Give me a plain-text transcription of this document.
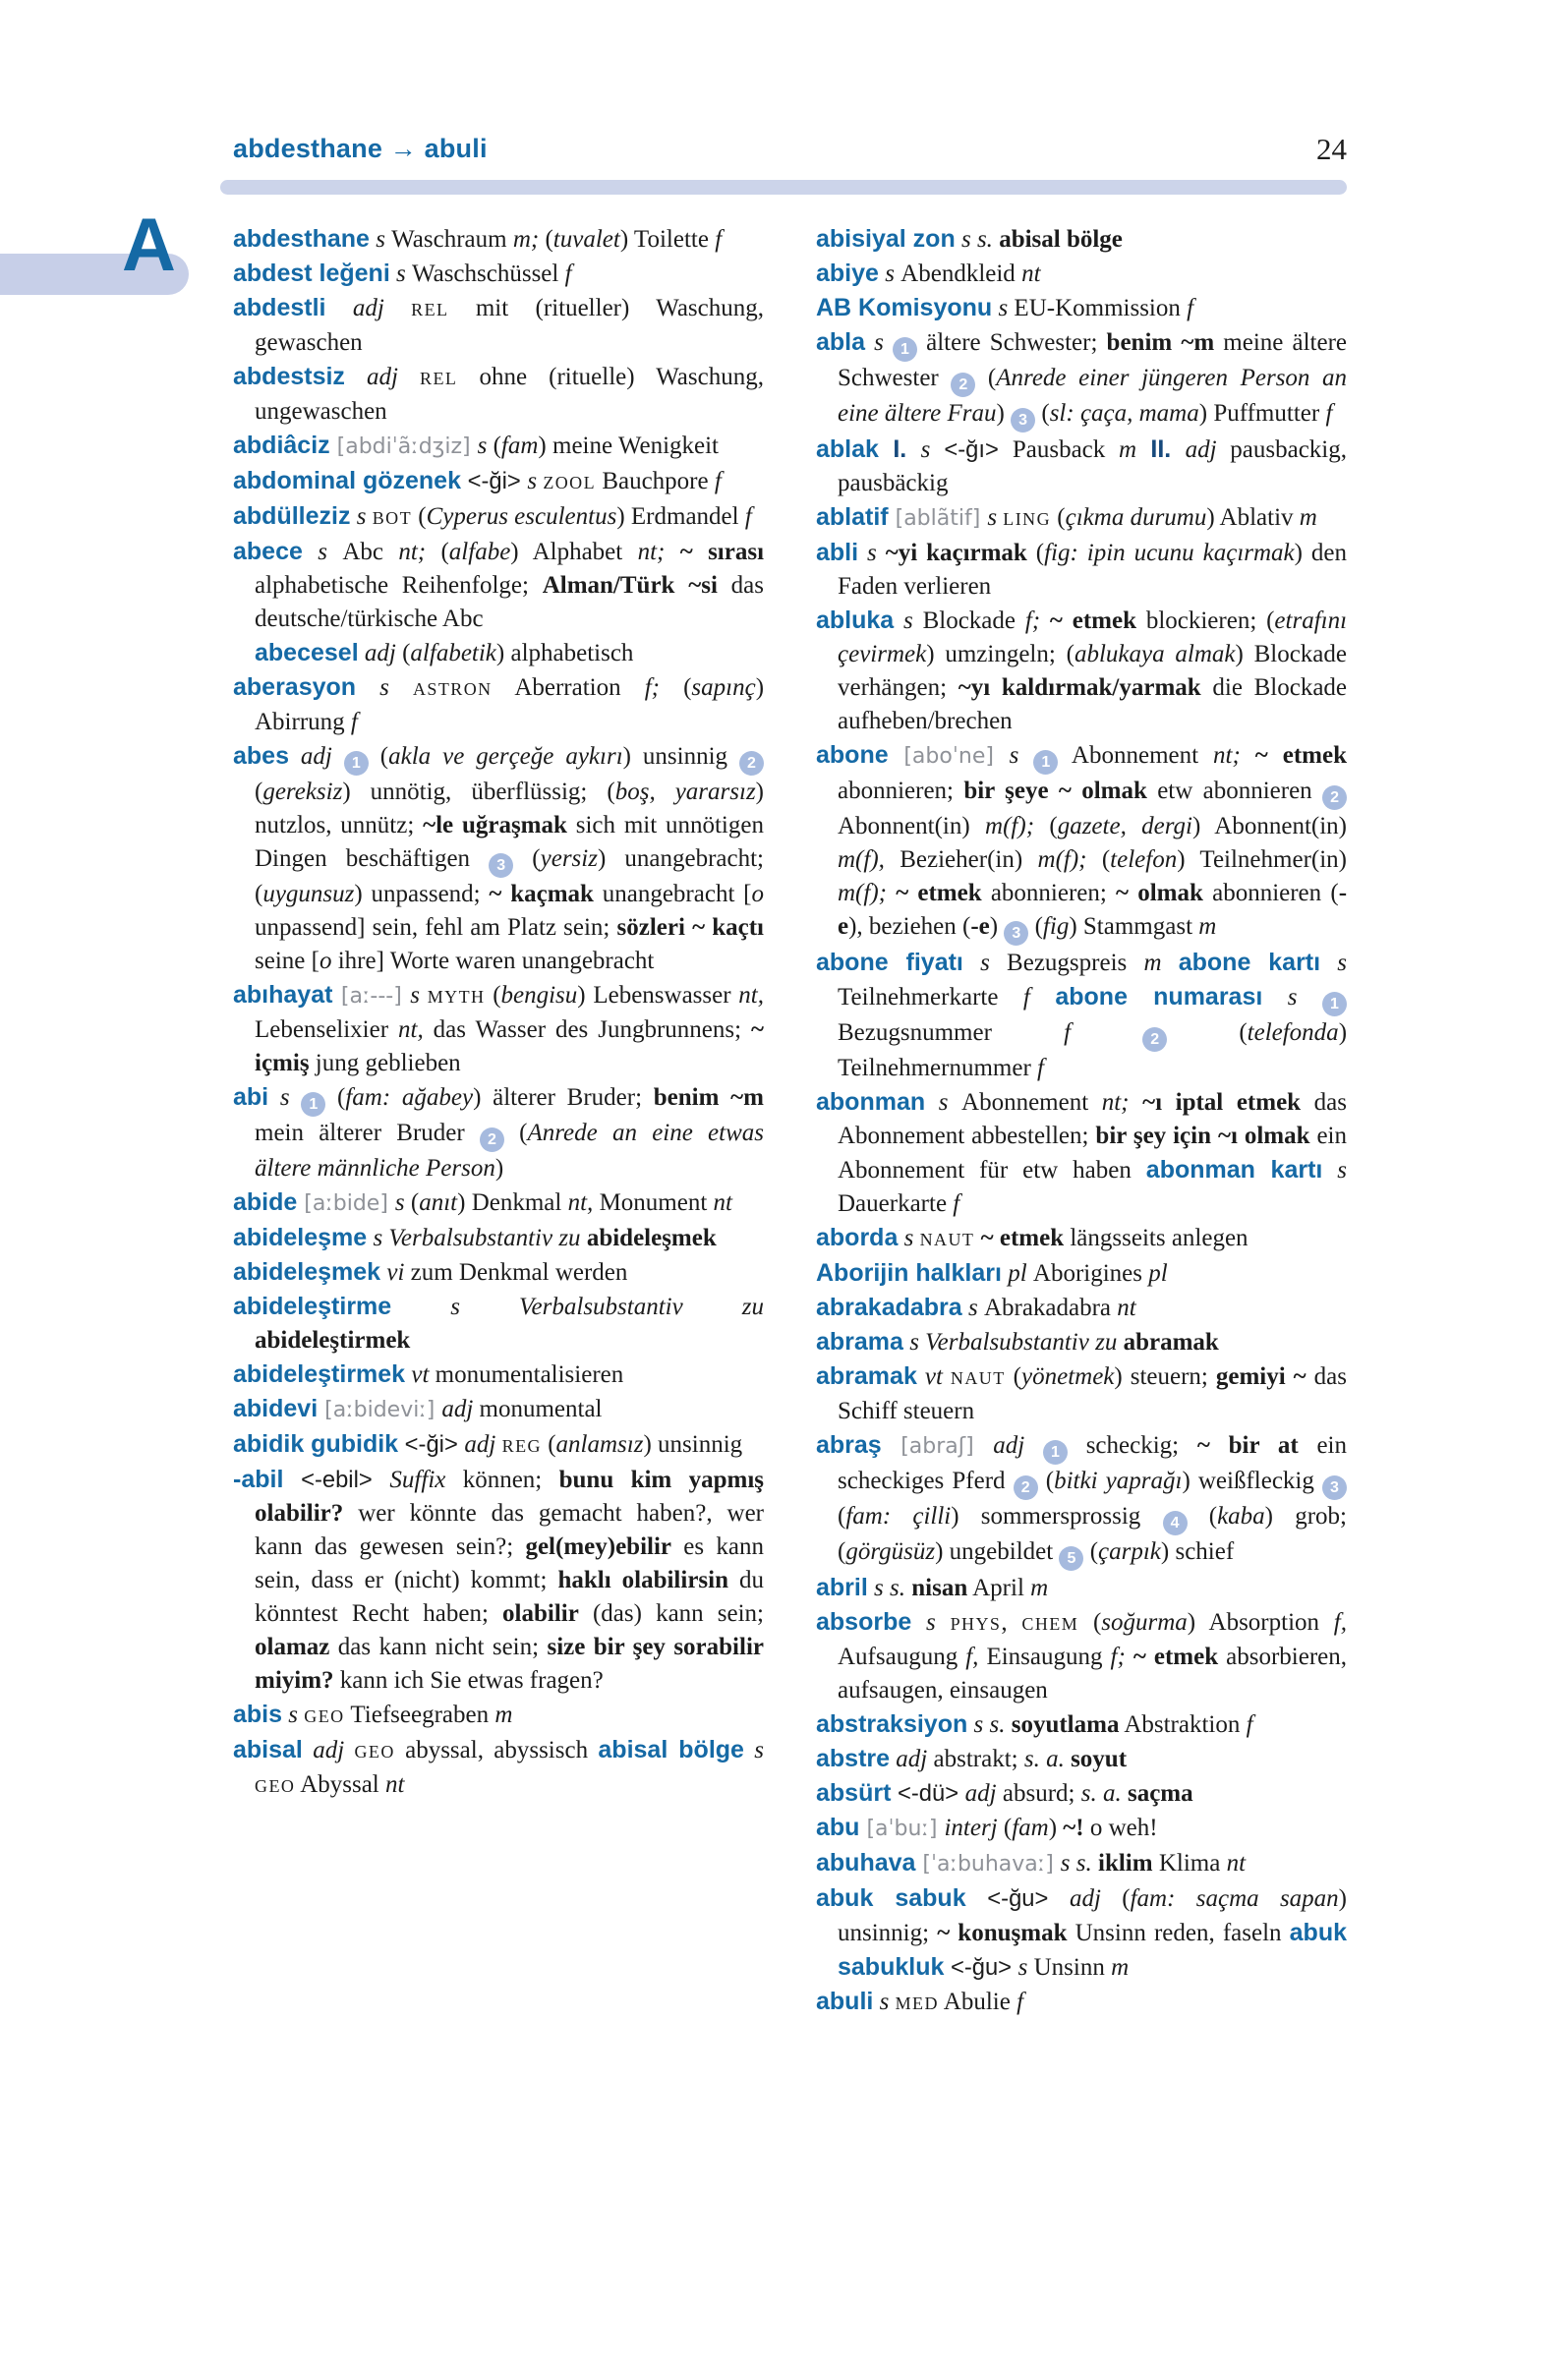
abdesthane → abuli	24
A abdesthane s Waschraum m; (tuvalet) Toilette f

abdest leğeni s Waschschüssel f

abdestli adj REL mit (ritueller) Waschung, gewaschen

abdestsiz adj REL ohne (rituelle) Waschung, ungewaschen

abdiâciz [abdiˈãːdʒiz] s (fam) meine Wenigkeit

abdominal gözenek <-ği> s ZOOL Bauchpore f

abdülleziz s BOT (Cyperus esculentus) Erdmandel f

abece s Abc nt; (alfabe) Alphabet nt; ~ sırası alphabetische Reihenfolge; Alman/Türk ~si das deutsche/türkische Abc

abecesel adj (alfabetik) alphabetisch

aberasyon s ASTRON Aberration f; (sapınç) Abirrung f

abes adj 1 (akla ve gerçeğe aykırı) unsinnig 2 (gereksiz) unnötig, überflüssig; (boş, yararsız) nutzlos, unnütz; ~le uğraşmak sich mit unnötigen Dingen beschäftigen 3 (yersiz) unangebracht; (uygunsuz) unpassend; ~ kaçmak unangebracht [o unpassend] sein, fehl am Platz sein; sözleri ~ kaçtı seine [o ihre] Worte waren unangebracht

abıhayat [aː---] s MYTH (bengisu) Lebenswasser nt, Lebenselixier nt, das Wasser des Jungbrunnens; ~ içmiş jung geblieben

abi s 1 (fam: ağabey) älterer Bruder; benim ~m mein älterer Bruder 2 (Anrede an eine etwas ältere männliche Person)

abide [aːbide] s (anıt) Denkmal nt, Monument nt

abideleşme s Verbalsubstantiv zu abideleşmek

abideleşmek vi zum Denkmal werden

abideleştirme s Verbalsubstantiv zu abideleştirmek

abideleştirmek vt monumentalisieren

abidevi [aːbideviː] adj monumental

abidik gubidik <-ği> adj REG (anlamsız) unsinnig

-abil <-ebil> Suffix können; bunu kim yapmış olabilir? wer könnte das gemacht haben?, wer kann das gewesen sein?; gel(mey)ebilir es kann sein, dass er (nicht) kommt; haklı olabilirsin du könntest Recht haben; olabilir (das) kann sein; olamaz das kann nicht sein; size bir şey sorabilir miyim? kann ich Sie etwas fragen?

abis s GEO Tiefseegraben m

abisal adj GEO abyssal, abyssisch abisal bölge s GEO Abyssal nt

abisiyal zon s s. abisal bölge

abiye s Abendkleid nt

AB Komisyonu s EU-Kommission f

abla s 1 ältere Schwester; benim ~m meine ältere Schwester 2 (Anrede einer jüngeren Person an eine ältere Frau) 3 (sl: çaça, mama) Puffmutter f

ablak I. s <-ğı> Pausback m II. adj pausbackig, pausbäckig

ablatif [ablãtif] s LING (çıkma durumu) Ablativ m

abli s ~yi kaçırmak (fig: ipin ucunu kaçırmak) den Faden verlieren

abluka s Blockade f; ~ etmek blockieren; (etrafını çevirmek) umzingeln; (ablukaya almak) Blockade verhängen; ~yı kaldırmak/yarmak die Blockade aufheben/brechen

abone [aboˈne] s 1 Abonnement nt; ~ etmek abonnieren; bir şeye ~ olmak etw abonnieren 2 Abonnent(in) m(f); (gazete, dergi) Abonnent(in) m(f), Bezieher(in) m(f); (telefon) Teilnehmer(in) m(f); ~ etmek abonnieren; ~ olmak abonnieren (-e), beziehen (-e) 3 (fig) Stammgast m

abone fiyatı s Bezugspreis m abone kartı s Teilnehmerkarte f abone numarası s 1 Bezugsnummer f	2 (telefonda) Teilnehmernummer f

abonman s Abonnement nt; ~ı iptal etmek das Abonnement abbestellen; bir şey için ~ı olmak ein Abonnement für etw haben abonman kartı s Dauerkarte f

aborda s NAUT ~ etmek längsseits anlegen

Aborijin halkları pl Aborigines pl

abrakadabra s Abrakadabra nt

abrama s Verbalsubstantiv zu abramak

abramak vt NAUT (yönetmek) steuern; gemiyi ~ das Schiff steuern

abraş [abraʃ] adj 1 scheckig; ~ bir at ein scheckiges Pferd 2 (bitki yaprağı) weißfleckig 3 (fam: çilli) sommersprossig 4 (kaba) grob; (görgüsüz) ungebildet 5 (çarpık) schief

abril s s. nisan April m

absorbe s PHYS, CHEM (soğurma) Absorption f, Aufsaugung f, Einsaugung f; ~ etmek absorbieren, aufsaugen, einsaugen

abstraksiyon s s. soyutlama Abstraktion f

abstre adj abstrakt; s. a. soyut

absürt <-dü> adj absurd; s. a. saçma

abu [aˈbuː] interj (fam) ~! o weh!

abuhava [ˈaːbuhavaː] s s. iklim Klima nt

abuk sabuk <-ğu> adj (fam: saçma sapan) unsinnig; ~ konuşmak Unsinn reden, faseln abuk sabukluk <-ğu> s Unsinn m

abuli s MED Abulie f
